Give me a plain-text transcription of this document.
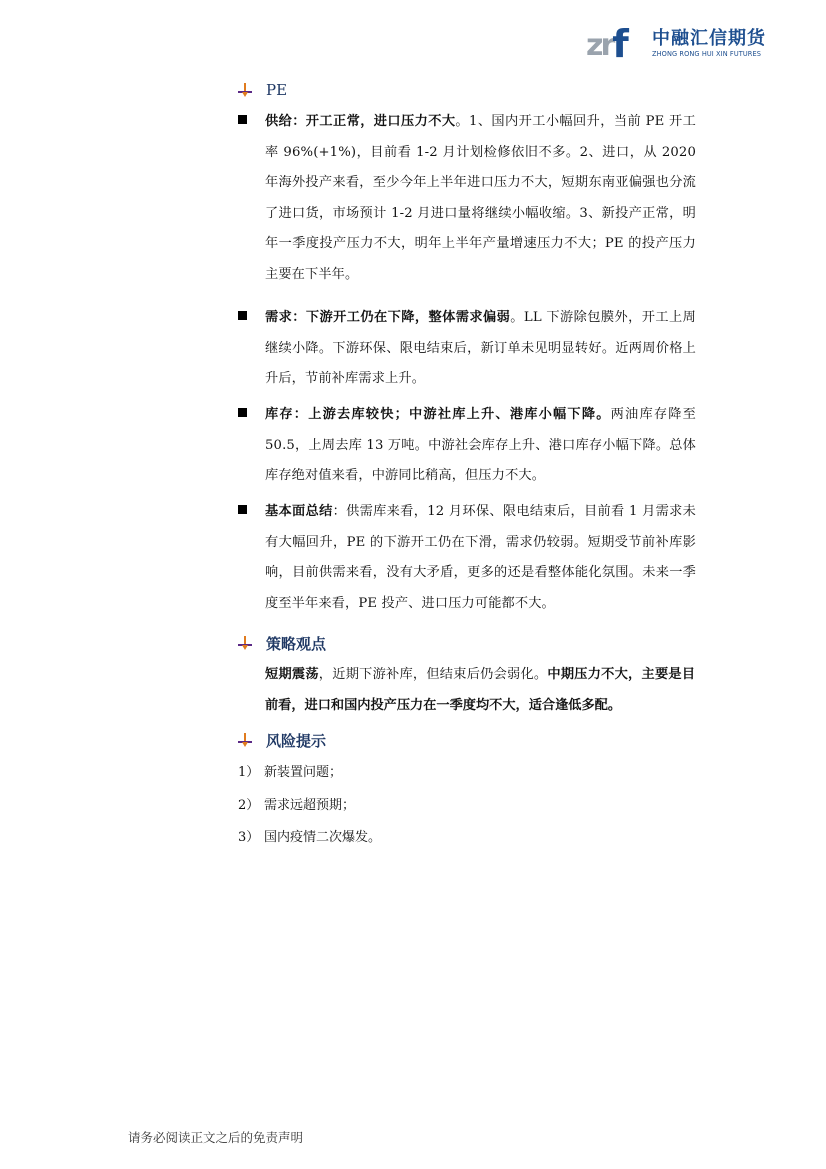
zrf 中融汇信期货
ZHONG RONG HUI XIN FUTURES
PE
供给：开工正常，进口压力不大。1、国内开工小幅回升，当前 PE 开工率 96%(+1%)，目前看 1-2 月计划检修依旧不多。2、进口，从 2020 年海外投产来看，至少今年上半年进口压力不大，短期东南亚偏强也分流了进口货，市场预计 1-2 月进口量将继续小幅收缩。3、新投产正常，明年一季度投产压力不大，明年上半年产量增速压力不大；PE 的投产压力主要在下半年。
需求：下游开工仍在下降，整体需求偏弱。LL 下游除包膜外，开工上周继续小降。下游环保、限电结束后，新订单未见明显转好。近两周价格上升后，节前补库需求上升。
库存：上游去库较快；中游社库上升、港库小幅下降。两油库存降至 50.5，上周去库 13 万吨。中游社会库存上升、港口库存小幅下降。总体库存绝对值来看，中游同比稍高，但压力不大。
基本面总结：供需库来看，12 月环保、限电结束后，目前看 1 月需求未有大幅回升，PE 的下游开工仍在下滑，需求仍较弱。短期受节前补库影响，目前供需来看，没有大矛盾，更多的还是看整体能化氛围。未来一季度至半年来看，PE 投产、进口压力可能都不大。
策略观点
短期震荡，近期下游补库，但结束后仍会弱化。中期压力不大，主要是目前看，进口和国内投产压力在一季度均不大，适合逢低多配。
风险提示
1） 新装置问题；
2） 需求远超预期；
3） 国内疫情二次爆发。
请务必阅读正文之后的免责声明
